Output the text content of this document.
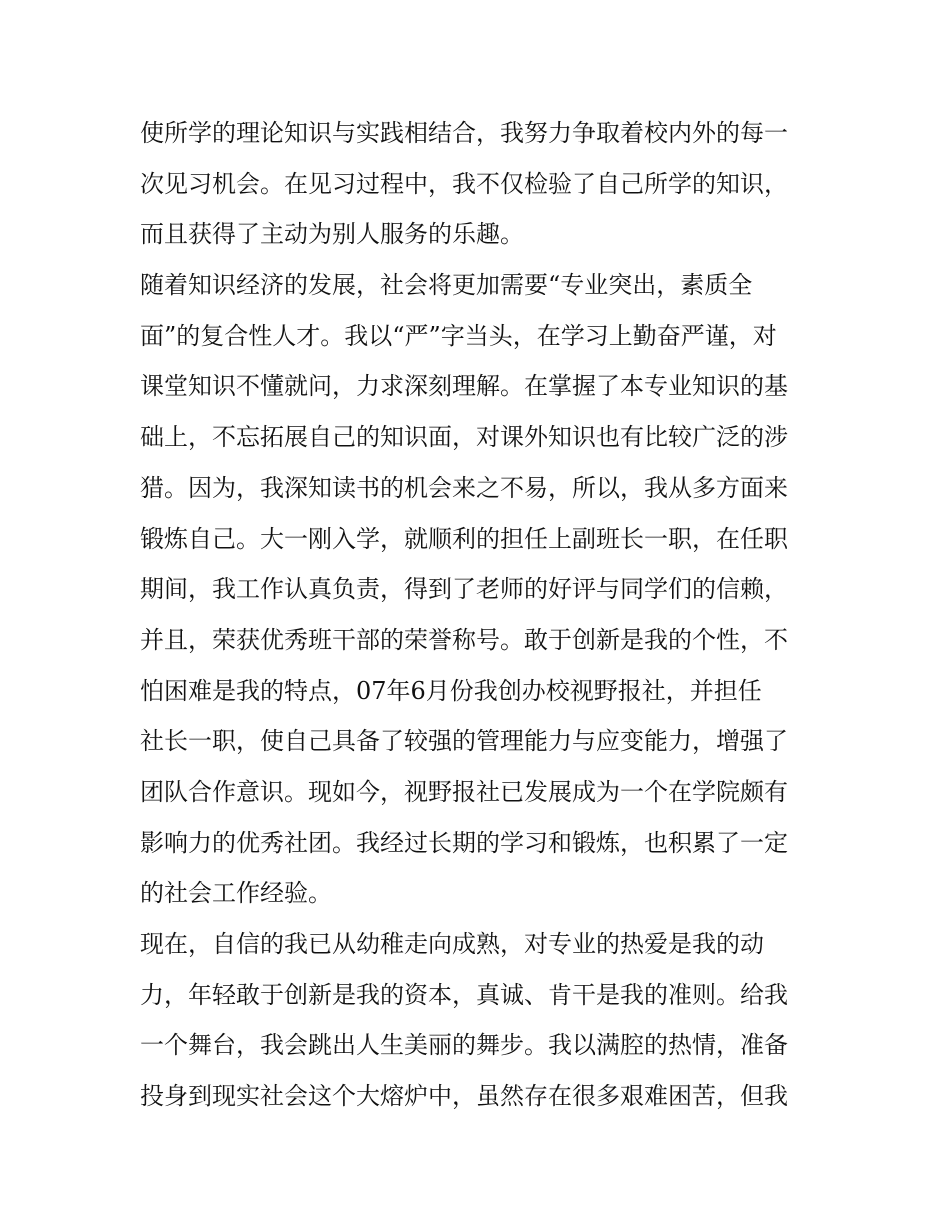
使所学的理论知识与实践相结合，我努力争取着校内外的每一
次见习机会。在见习过程中，我不仅检验了自己所学的知识，
而且获得了主动为别人服务的乐趣。
随着知识经济的发展，社会将更加需要“专业突出，素质全
面”的复合性人才。我以“严”字当头，在学习上勤奋严谨，对
课堂知识不懂就问，力求深刻理解。在掌握了本专业知识的基
础上，不忘拓展自己的知识面，对课外知识也有比较广泛的涉
猎。因为，我深知读书的机会来之不易，所以，我从多方面来
锻炼自己。大一刚入学，就顺利的担任上副班长一职，在任职
期间，我工作认真负责，得到了老师的好评与同学们的信赖，
并且，荣获优秀班干部的荣誉称号。敢于创新是我的个性，不
怕困难是我的特点，07年6月份我创办校视野报社，并担任
社长一职，使自己具备了较强的管理能力与应变能力，增强了
团队合作意识。现如今，视野报社已发展成为一个在学院颇有
影响力的优秀社团。我经过长期的学习和锻炼，也积累了一定
的社会工作经验。
现在，自信的我已从幼稚走向成熟，对专业的热爱是我的动
力，年轻敢于创新是我的资本，真诚、肯干是我的准则。给我
一个舞台，我会跳出人生美丽的舞步。我以满腔的热情，准备
投身到现实社会这个大熔炉中，虽然存在很多艰难困苦，但我
